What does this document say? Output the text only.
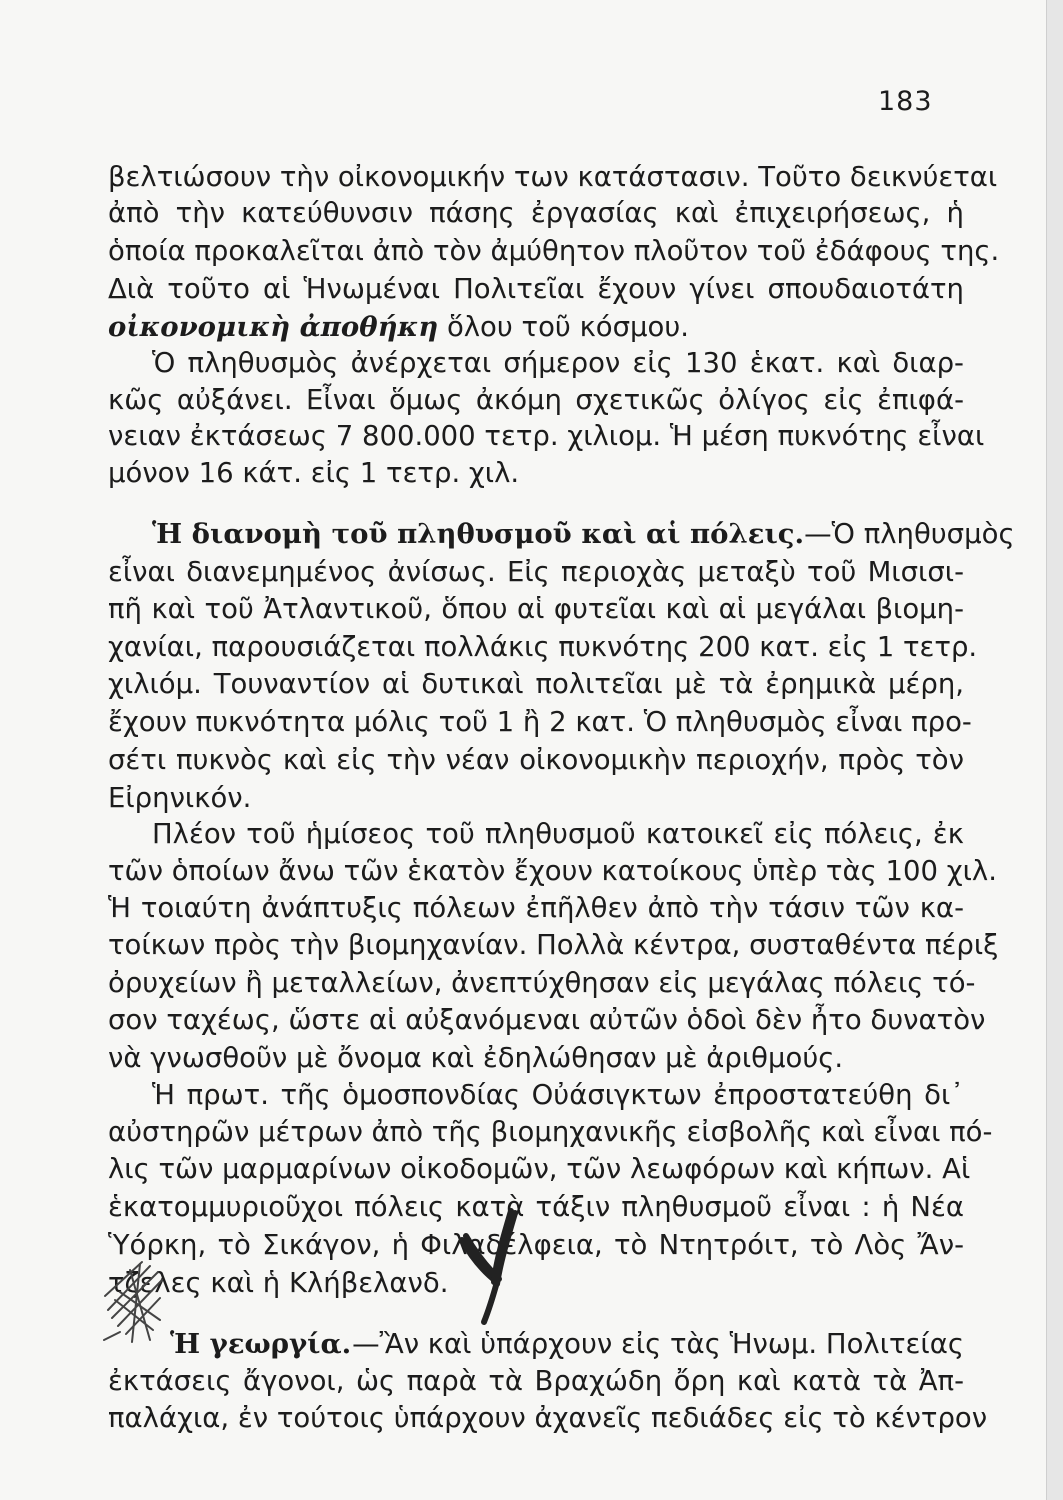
183
βελτιώσουν τὴν οἰκονομικήν των κατάστασιν. Τοῦτο δεικνύεται
ἀπὸ τὴν κατεύθυνσιν πάσης ἐργασίας καὶ ἐπιχειρήσεως, ἡ
ὁποία προκαλεῖται ἀπὸ τὸν ἀμύθητον πλοῦτον τοῦ ἐδάφους της.
Διὰ τοῦτο αἱ Ἡνωμέναι Πολιτεῖαι ἔχουν γίνει σπουδαιοτάτη
οἰκονομικὴ ἀποθήκη ὅλου τοῦ κόσμου.
Ὁ πληθυσμὸς ἀνέρχεται σήμερον εἰς 130 ἑκατ. καὶ διαρ-
κῶς αὐξάνει. Εἶναι ὅμως ἀκόμη σχετικῶς ὀλίγος εἰς ἐπιφά-
νειαν ἐκτάσεως 7 800.000 τετρ. χιλιομ. Ἡ μέση πυκνότης εἶναι
μόνον 16 κάτ. εἰς 1 τετρ. χιλ.
Ἡ διανομὴ τοῦ πληθυσμοῦ καὶ αἱ πόλεις. —Ὁ πληθυσμὸς
εἶναι διανεμημένος ἀνίσως. Εἰς περιοχὰς μεταξὺ τοῦ Μισισι-
πῆ καὶ τοῦ Ἀτλαντικοῦ, ὅπου αἱ φυτεῖαι καὶ αἱ μεγάλαι βιομη-
χανίαι, παρουσιάζεται πολλάκις πυκνότης 200 κατ. εἰς 1 τετρ.
χιλιόμ. Τουναντίον αἱ δυτικαὶ πολιτεῖαι μὲ τὰ ἐρημικὰ μέρη,
ἔχουν πυκνότητα μόλις τοῦ 1 ἢ 2 κατ. Ὁ πληθυσμὸς εἶναι προ-
σέτι πυκνὸς καὶ εἰς τὴν νέαν οἰκονομικὴν περιοχήν, πρὸς τὸν
Εἰρηνικόν.
Πλέον τοῦ ἡμίσεος τοῦ πληθυσμοῦ κατοικεῖ εἰς πόλεις, ἐκ
τῶν ὁποίων ἄνω τῶν ἑκατὸν ἔχουν κατοίκους ὑπὲρ τὰς 100 χιλ.
Ἡ τοιαύτη ἀνάπτυξις πόλεων ἐπῆλθεν ἀπὸ τὴν τάσιν τῶν κα-
τοίκων πρὸς τὴν βιομηχανίαν. Πολλὰ κέντρα, συσταθέντα πέριξ
ὀρυχείων ἢ μεταλλείων, ἀνεπτύχθησαν εἰς μεγάλας πόλεις τό-
σον ταχέως, ὥστε αἱ αὐξανόμεναι αὐτῶν ὁδοὶ δὲν ἦτο δυνατὸν
νὰ γνωσθοῦν μὲ ὄνομα καὶ ἐδηλώθησαν μὲ ἀριθμούς.
Ἡ πρωτ. τῆς ὁμοσπονδίας Οὐάσιγκτων ἐπροστατεύθη δι᾽
αὐστηρῶν μέτρων ἀπὸ τῆς βιομηχανικῆς εἰσβολῆς καὶ εἶναι πό-
λις τῶν μαρμαρίνων οἰκοδομῶν, τῶν λεωφόρων καὶ κήπων. Αἱ
ἑκατομμυριοῦχοι πόλεις κατὰ τάξιν πληθυσμοῦ εἶναι : ἡ Νέα
Ὑόρκη, τὸ Σικάγον, ἡ Φιλαδέλφεια, τὸ Ντητρόιτ, τὸ Λὸς Ἄν-
τζελες καὶ ἡ Κλήβελανδ.
Ἡ γεωργία. —Ἂν καὶ ὑπάρχουν εἰς τὰς Ἡνωμ. Πολιτείας
ἐκτάσεις ἄγονοι, ὡς παρὰ τὰ Βραχώδη ὄρη καὶ κατὰ τὰ Ἀπ-
παλάχια, ἐν τούτοις ὑπάρχουν ἀχανεῖς πεδιάδες εἰς τὸ κέντρον
